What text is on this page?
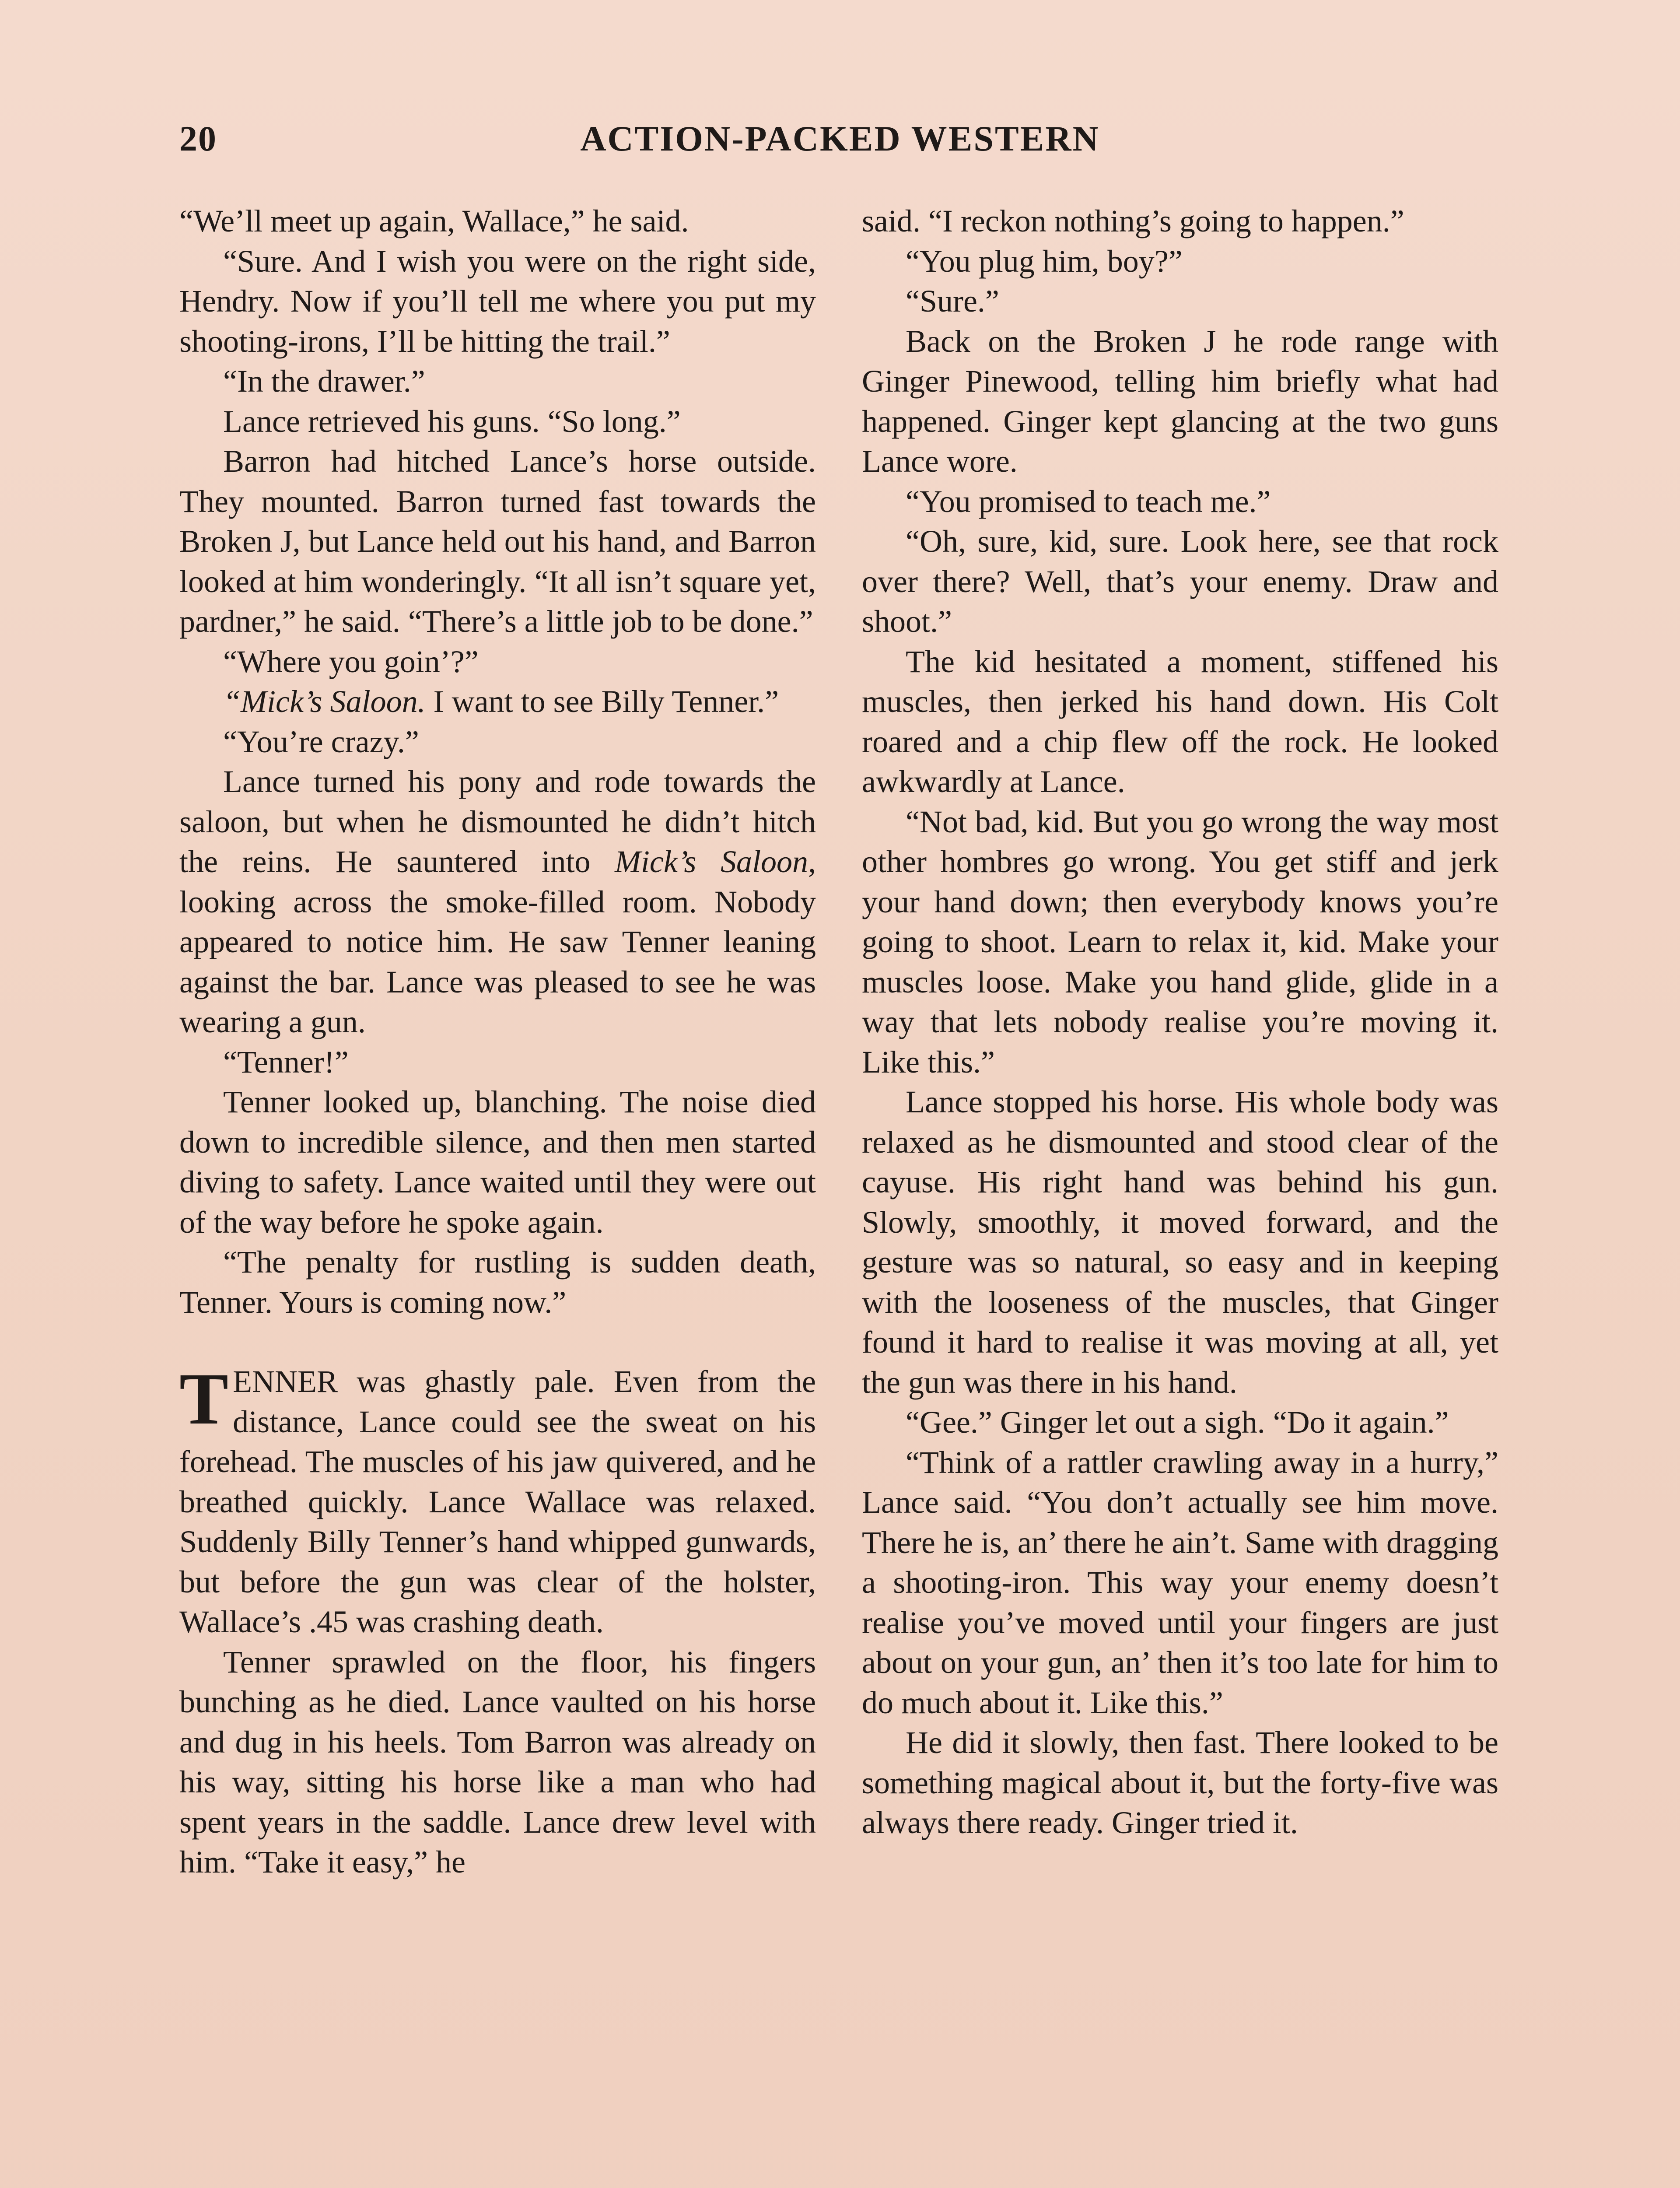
20	ACTION-PACKED WESTERN

“We’ll meet up again, Wallace,” he said.

“Sure. And I wish you were on the right side, Hendry. Now if you’ll tell me where you put my shooting-irons, I’ll be hitting the trail.”

“In the drawer.”

Lance retrieved his guns. “So long.”

Barron had hitched Lance’s horse outside. They mounted. Barron turned fast towards the Broken J, but Lance held out his hand, and Barron looked at him wonderingly. “It all isn’t square yet, pardner,” he said. “There’s a little job to be done.”

“Where you goin’?”

“Mick’s Saloon. I want to see Billy Tenner.”

“You’re crazy.”

Lance turned his pony and rode towards the saloon, but when he dismounted he didn’t hitch the reins. He sauntered into Mick’s Saloon, looking across the smoke-filled room. Nobody appeared to notice him. He saw Tenner leaning against the bar. Lance was pleased to see he was wearing a gun.

“Tenner!”

Tenner looked up, blanching. The noise died down to incredible silence, and then men started diving to safety. Lance waited until they were out of the way before he spoke again.

“The penalty for rustling is sudden death, Tenner. Yours is coming now.”

TENNER was ghastly pale. Even from the distance, Lance could see the sweat on his forehead. The muscles of his jaw quivered, and he breathed quickly. Lance Wallace was relaxed. Suddenly Billy Tenner’s hand whipped gunwards, but before the gun was clear of the holster, Wallace’s .45 was crashing death.

Tenner sprawled on the floor, his fingers bunching as he died. Lance vaulted on his horse and dug in his heels. Tom Barron was already on his way, sitting his horse like a man who had spent years in the saddle. Lance drew level with him. “Take it easy,” he

said. “I reckon nothing’s going to happen.”

“You plug him, boy?”

“Sure.”

Back on the Broken J he rode range with Ginger Pinewood, telling him briefly what had happened. Ginger kept glancing at the two guns Lance wore.

“You promised to teach me.”

“Oh, sure, kid, sure. Look here, see that rock over there? Well, that’s your enemy. Draw and shoot.”

The kid hesitated a moment, stiffened his muscles, then jerked his hand down. His Colt roared and a chip flew off the rock. He looked awkwardly at Lance.

“Not bad, kid. But you go wrong the way most other hombres go wrong. You get stiff and jerk your hand down; then everybody knows you’re going to shoot. Learn to relax it, kid. Make your muscles loose. Make you hand glide, glide in a way that lets nobody realise you’re moving it. Like this.”

Lance stopped his horse. His whole body was relaxed as he dismounted and stood clear of the cayuse. His right hand was behind his gun. Slowly, smoothly, it moved forward, and the gesture was so natural, so easy and in keeping with the looseness of the muscles, that Ginger found it hard to realise it was moving at all, yet the gun was there in his hand.

“Gee.” Ginger let out a sigh. “Do it again.”

“Think of a rattler crawling away in a hurry,” Lance said. “You don’t actually see him move. There he is, an’ there he ain’t. Same with dragging a shooting-iron. This way your enemy doesn’t realise you’ve moved until your fingers are just about on your gun, an’ then it’s too late for him to do much about it. Like this.”

He did it slowly, then fast. There looked to be something magical about it, but the forty-five was always there ready. Ginger tried it.
